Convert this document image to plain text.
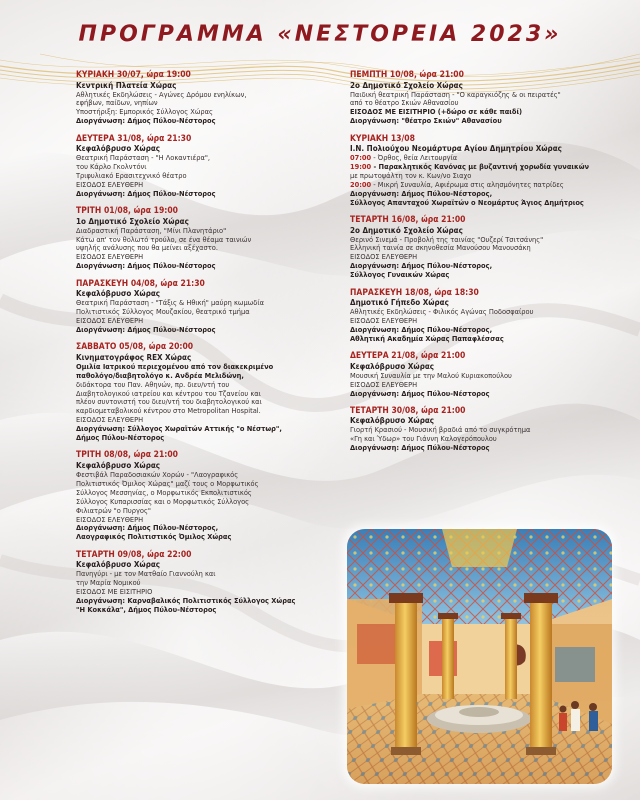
ΠΡΟΓΡΑΜΜΑ «ΝΕΣΤΟΡΕΙΑ 2023»
ΚΥΡΙΑΚΗ 30/07, ώρα 19:00
Κεντρική Πλατεία Χώρας
Αθλητικές Εκδηλώσεις - Αγώνες Δρόμου ενηλίκων,
εφήβων, παίδων, νηπίων
Υποστήριξη: Εμπορικός Σύλλογος Χώρας
Διοργάνωση: Δήμος Πύλου-Νέστορος
ΔΕΥΤΕΡΑ 31/08, ώρα 21:30
Κεφαλόβρυσο Χώρας
Θεατρική Παράσταση - "Η Λοκαντιέρα",
του Κάρλο Γκολντόνι
Τριφυλιακό Ερασιτεχνικό θέατρο
ΕΙΣΟΔΟΣ ΕΛΕΥΘΕΡΗ
Διοργάνωση: Δήμος Πύλου-Νέστορος
ΤΡΙΤΗ 01/08, ώρα 19:00
1ο Δημοτικό Σχολείο Χώρας
Διαδραστική Παράσταση, "Μίνι Πλανητάριο"
Κάτω απ' τον θολωτό τρούλο, σε ένα θέαμα ταινιών
υψηλής ανάλυσης που θα μείνει αξέχαστο.
ΕΙΣΟΔΟΣ ΕΛΕΥΘΕΡΗ
Διοργάνωση: Δήμος Πύλου-Νέστορος
ΠΑΡΑΣΚΕΥΗ 04/08, ώρα 21:30
Κεφαλόβρυσο Χώρας
Θεατρική Παράσταση - "Τάξις & Ηθική" μαύρη κωμωδία
Πολιτιστικός Σύλλογος Μουζακίου, θεατρικό τμήμα
ΕΙΣΟΔΟΣ ΕΛΕΥΘΕΡΗ
Διοργάνωση: Δήμος Πύλου-Νέστορος
ΣΑΒΒΑΤΟ 05/08, ώρα 20:00
Κινηματογράφος REX Χώρας
Ομιλία Ιατρικού περιεχομένου από τον διακεκριμένο
παθολόγο/διαβητολόγο κ. Ανδρέα Μελιδώνη,
διδάκτορα του Παν. Αθηνών, πρ. διευ/ντή του
Διαβητολογικού ιατρείου και κέντρου του Τζανείου και
πλέον συντονιστή του διευ/ντή του διαβητολογικού και
καρδιομεταβολικού κέντρου στο Metropolitan Hospital.
ΕΙΣΟΔΟΣ ΕΛΕΥΘΕΡΗ
Διοργάνωση: Σύλλογος Χωραϊτών Αττικής "ο Νέστωρ",
Δήμος Πύλου-Νέστορος
ΤΡΙΤΗ 08/08, ώρα 21:00
Κεφαλόβρυσο Χώρας
Φεστιβάλ Παραδοσιακών Χορών - "Λαογραφικός
Πολιτιστικός Όμιλος Χώρας" μαζί τους ο Μορφωτικός
Σύλλογος Μεσσηνίας, ο Μορφωτικός Εκπολιτιστικός
Σύλλογος Κυπαρισσίας και ο Μορφωτικός Σύλλογος
Φιλιατρών "ο Πυργος"
ΕΙΣΟΔΟΣ ΕΛΕΥΘΕΡΗ
Διοργάνωση: Δήμος Πύλου-Νέστορος,
Λαογραφικός Πολιτιστικός Όμιλος Χώρας
ΤΕΤΑΡΤΗ 09/08, ώρα 22:00
Κεφαλόβρυσο Χώρας
Πανηγύρι - με τον Ματθαίο Γιαννούλη και
την Μαρία Νομικού
ΕΙΣΟΔΟΣ ΜΕ ΕΙΣΙΤΗΡΙΟ
Διοργάνωση: Καρναβαλικός Πολιτιστικός Σύλλογος Χώρας
"Η Κοκκάλα", Δήμος Πύλου-Νέστορος
ΠΕΜΠΤΗ 10/08, ώρα 21:00
2ο Δημοτικό Σχολείο Χώρας
Παιδική θεατρική Παράσταση - "Ο καραγκιόζης & οι πειρατές"
από το θέατρο Σκιών Αθανασίου
ΕΙΣΟΔΟΣ ΜΕ ΕΙΣΙΤΗΡΙΟ (+δώρο σε κάθε παιδί)
Διοργάνωση: "θέατρο Σκιών" Αθανασίου
ΚΥΡΙΑΚΗ 13/08
Ι.Ν. Πολιούχου Νεομάρτυρα Αγίου Δημητρίου Χώρας
07:00 - Όρθος, θεία Λειτουργία
19:00 - Παρακλητικός Κανόνας με βυζαντινή χορωδία γυναικών
με πρωτοψάλτη τον κ. Κων/νο Σιαχο
20:00 - Μικρή Συναυλία, Αφιέρωμα στις αλησμόνητες πατρίδες
Διοργάνωση: Δήμος Πύλου-Νέστορος,
Σύλλογος Απανταχού Χωραϊτών ο Νεομάρτυς Άγιος Δημήτριος
ΤΕΤΑΡΤΗ 16/08, ώρα 21:00
2ο Δημοτικό Σχολείο Χώρας
Θερινό Σινεμά - Προβολή της ταινίας "Ουζερί Τσιτσάνης"
Ελληνική ταινία σε σκηνοθεσία Μανούσου Μανουσάκη
ΕΙΣΟΔΟΣ ΕΛΕΥΘΕΡΗ
Διοργάνωση: Δήμος Πύλου-Νέστορος,
Σύλλογος Γυναικών Χώρας
ΠΑΡΑΣΚΕΥΗ 18/08, ώρα 18:30
Δημοτικό Γήπεδο Χώρας
Αθλητικές Εκδηλώσεις - Φιλικός Αγώνας Ποδοσφαίρου
ΕΙΣΟΔΟΣ ΕΛΕΥΘΕΡΗ
Διοργάνωση: Δήμος Πύλου-Νέστορος,
Αθλητική Ακαδημία Χώρας Παπαφλέσσας
ΔΕΥΤΕΡΑ 21/08, ώρα 21:00
Κεφαλόβρυσο Χώρας
Μουσική Συναυλία με την Μαλού Κυριακοπούλου
ΕΙΣΟΔΟΣ ΕΛΕΥΘΕΡΗ
Διοργάνωση: Δήμος Πύλου-Νέστορος
ΤΕΤΑΡΤΗ 30/08, ώρα 21:00
Κεφαλόβρυσο Χώρας
Γιορτή Κρασιού - Μουσική βραδιά από το συγκρότημα
«Γη και Ύδωρ» του Γιάννη Καλογερόπουλου
Διοργάνωση: Δήμος Πύλου-Νέστορος
